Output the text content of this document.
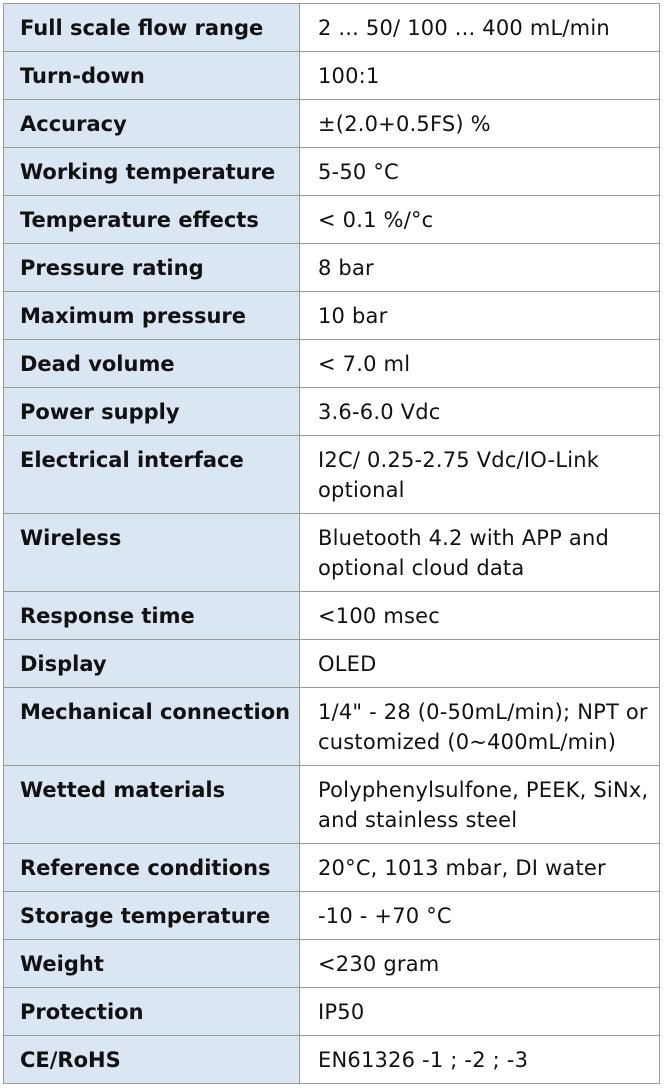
Full scale flow range	2 ... 50/ 100 ... 400 mL/min

Turn-down	100:1

Accuracy	±(2.0+0.5FS) %

Working temperature	5-50 °C

Temperature effects	< 0.1 %/°c

Pressure rating	8 bar

Maximum pressure	10 bar

Dead volume	< 7.0 ml

Power supply	3.6-6.0 Vdc

Electrical interface	I2C/ 0.25-2.75 Vdc/IO-Link optional

Wireless	Bluetooth 4.2 with APP and optional cloud data

Response time	<100 msec

Display	OLED

Mechanical connection	1/4" - 28 (0-50mL/min); NPT or customized (0~400mL/min)

Wetted materials	Polyphenylsulfone, PEEK, SiNx, and stainless steel

Reference conditions	20°C, 1013 mbar, DI water

Storage temperature	-10 - +70 °C

Weight	<230 gram

Protection	IP50

CE/RoHS	EN61326 -1 ; -2 ; -3
